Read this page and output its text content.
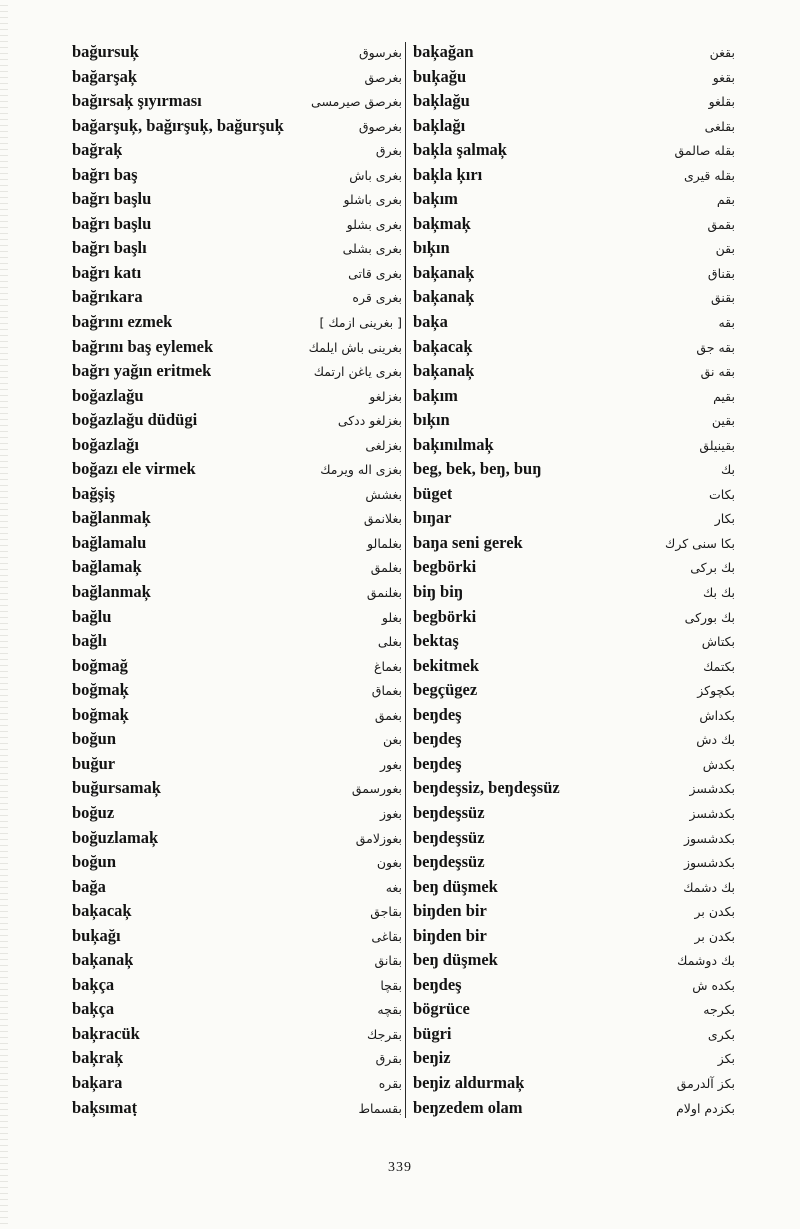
bağursuķ	بغرسوق
bağarşaķ	بغرصق
bağırsaķ şıyırması	بغرصق صيرمسی
bağarşuķ, bağırşuķ, bağurşuķ	بغرصوق
bağraķ	بغرق
bağrı baş	بغری باش
bağrı başlu	بغری باشلو
bağrı başlu	بغری بشلو
bağrı başlı	بغری بشلی
bağrı katı	بغری قاتی
bağrıkara	بغری قره
bağrını ezmek	[ بغرینی ازمك ]
bağrını baş eylemek	بغرینی باش ایلمك
bağrı yağın eritmek	بغری یاغن ارتمك
boğazlağu	بغزلغو
boğazlağu düdügi	بغزلغو ددکی
boğazlağı	بغزلغی
boğazı ele virmek	بغزی اله ویرمك
bağşiş	بغشش
bağlanmaķ	بغلانمق
bağlamalu	بغلمالو
bağlamaķ	بغلمق
bağlanmaķ	بغلنمق
bağlu	بغلو
bağlı	بغلی
boğmağ	بغماغ
boğmaķ	بغماق
boğmaķ	بغمق
boğun	بغن
buğur	بغور
buğursamaķ	بغورسمق
boğuz	بغوز
boğuzlamaķ	بغوزلامق
boğun	بغون
bağa	بغه
baķacaķ	بقاجق
buķağı	بقاغی
baķanaķ	بقانق
baķça	بقچا
baķça	بقچه
baķracük	بقرجك
baķraķ	بقرق
baķara	بقره
baķsımaṭ	بقسماط
baķağan	بقغن
buķağu	بقغو
baķlağu	بقلغو
baķlağı	بقلغی
baķla şalmaķ	بقله صالمق
baķla ķırı	بقله قیری
baķım	بقم
baķmaķ	بقمق
bıķın	بقن
baķanaķ	بقناق
baķanaķ	بقنق
baķa	بقه
baķacaķ	بقه جق
baķanaķ	بقه نق
baķım	بقیم
bıķın	بقین
baķınılmaķ	بقینیلق
beg, bek, beŋ, buŋ	بك
büget	بكات
bıŋar	بكار
baŋa seni gerek	بكا سنی كرك
begbörki	بك برکی
biŋ biŋ	بك بك
begbörki	بك بورکی
bektaş	بكتاش
bekitmek	بكتمك
begçügez	بكچوكز
beŋdeş	بكداش
beŋdeş	بك دش
beŋdeş	بكدش
beŋdeşsiz, beŋdeşsüz	بكدشسز
beŋdeşsüz	بكدشسز
beŋdeşsüz	بكدشسوز
beŋdeşsüz	بكدشسوز
beŋ düşmek	بك دشمك
biŋden bir	بكدن بر
biŋden bir	بكدن بر
beŋ düşmek	بك دوشمك
beŋdeş	بكده ش
bögrüce	بكرجه
bügri	بكری
beŋiz	بكز
beŋiz aldurmaķ	بكز آلدرمق
beŋzedem olam	بكزدم اولام
339
